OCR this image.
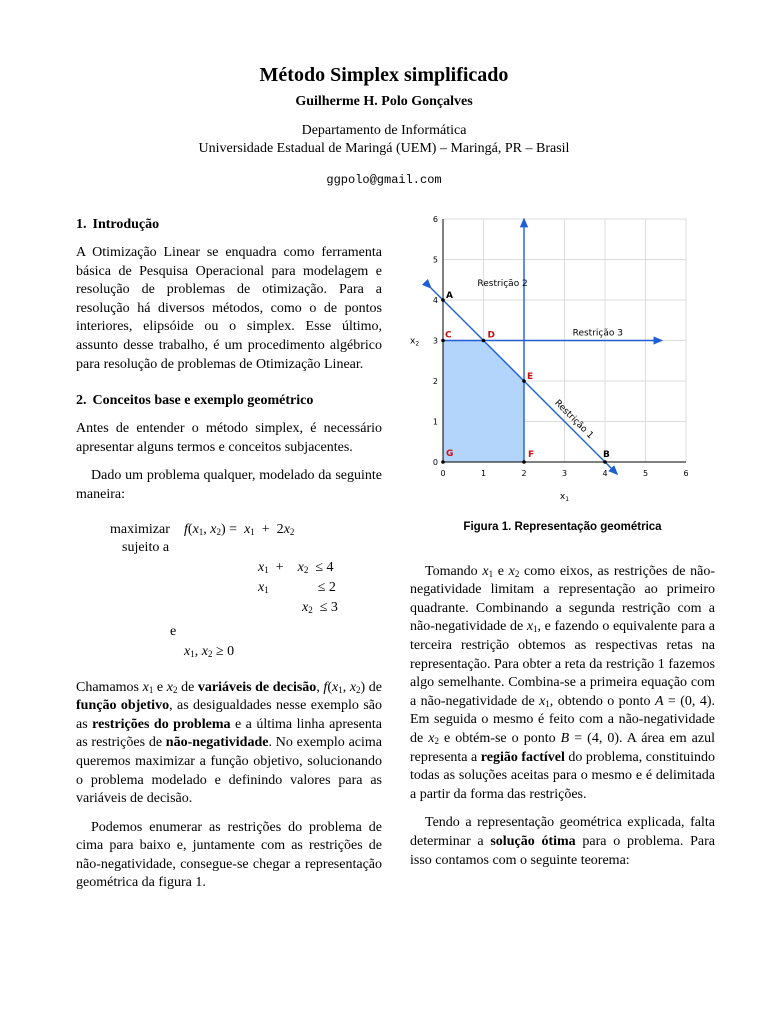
Método Simplex simplificado
Guilherme H. Polo Gonçalves
Departamento de Informática
Universidade Estadual de Maringá (UEM) – Maringá, PR – Brasil
ggpolo@gmail.com
1. Introdução

A Otimização Linear se enquadra como ferramenta básica de Pesquisa Operacional para modelagem e resolução de problemas de otimização. Para a resolução há diversos métodos, como o de pontos interiores, elipsóide ou o simplex. Esse último, assunto desse trabalho, é um procedimento algébrico para resolução de problemas de Otimização Linear.

2. Conceitos base e exemplo geométrico

Antes de entender o método simplex, é necessário apresentar alguns termos e conceitos subjacentes.

Dado um problema qualquer, modelado da seguinte maneira:

maximizar $f(x_1$, $x_2) = x_1 + 2x_2$
sujeito a
$x_1$  +    $x_2 \le 4$
$x_1$              ≤ 2
$x_2 \le 3$
e
$x_1$, $x_2 \ge 0$

Chamamos $x_1$ e $x_2$ de variáveis de decisão, $f(x_1$, $x_2$) de função objetivo, as desigualdades nesse exemplo são as restrições do problema e a última linha apresenta as restrições de não-negatividade. No exemplo acima queremos maximizar a função objetivo, solucionando o problema modelado e definindo valores para as variáveis de decisão.

Podemos enumerar as restrições do problema de cima para baixo e, juntamente com as restrições de não-negatividade, consegue-se chegar a representação geométrica da figura 1.

0	1	2	3	4	5	6
0
1
2
3
4
5
6
$x_1$
$x_2$
Restrição 2
Restrição 3
Restrição 1
A
B
C	D
E
F
G
Figura 1. Representação geométrica

Tomando $x_1$ e $x_2$ como eixos, as restrições de não-negatividade limitam a representação ao primeiro quadrante. Combinando a segunda restrição com a não-negatividade de $x_1$, e fazendo o equivalente para a terceira restrição obtemos as respectivas retas na representação. Para obter a reta da restrição 1 fazemos algo semelhante. Combina-se a primeira equação com a não-negatividade de $x_1$, obtendo o ponto A = (0, 4). Em seguida o mesmo é feito com a não-negatividade de $x_2$ e obtém-se o ponto B = (4, 0). A área em azul representa a região factível do problema, constituindo todas as soluções aceitas para o mesmo e é delimitada a partir da forma das restrições.

Tendo a representação geométrica explicada, falta determinar a solução ótima para o problema. Para isso contamos com o seguinte teorema:
